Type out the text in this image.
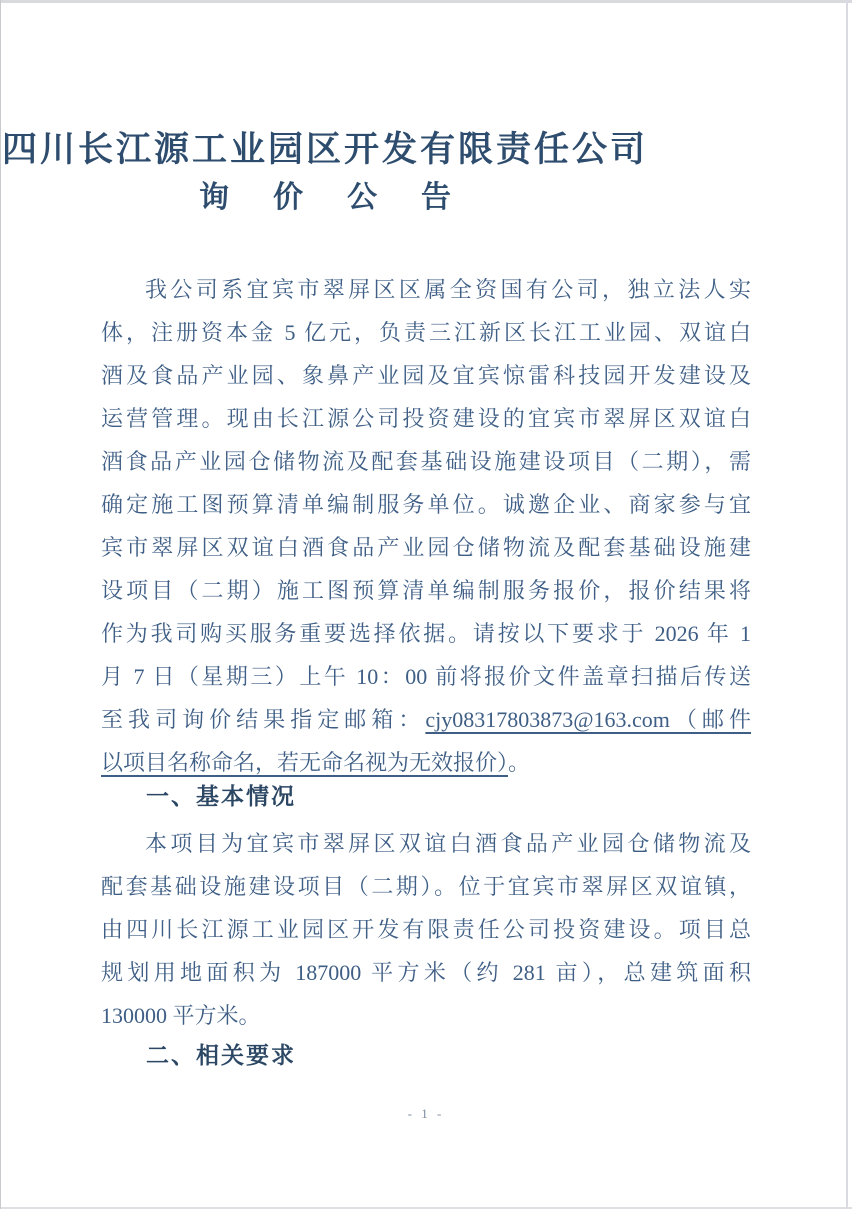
四川长江源工业园区开发有限责任公司
询价公告
我公司系宜宾市翠屏区区属全资国有公司，独立法人实
体，注册资本金 5 亿元，负责三江新区长江工业园、双谊白
酒及食品产业园、象鼻产业园及宜宾惊雷科技园开发建设及
运营管理。现由长江源公司投资建设的宜宾市翠屏区双谊白
酒食品产业园仓储物流及配套基础设施建设项目（二期），需
确定施工图预算清单编制服务单位。诚邀企业、商家参与宜
宾市翠屏区双谊白酒食品产业园仓储物流及配套基础设施建
设项目（二期）施工图预算清单编制服务报价，报价结果将
作为我司购买服务重要选择依据。请按以下要求于 2026 年 1
月 7 日（星期三）上午 10：00 前将报价文件盖章扫描后传送
至我司询价结果指定邮箱：cjy08317803873@163.com（邮件
以项目名称命名，若无命名视为无效报价）。
一、基本情况
本项目为宜宾市翠屏区双谊白酒食品产业园仓储物流及
配套基础设施建设项目（二期）。位于宜宾市翠屏区双谊镇，
由四川长江源工业园区开发有限责任公司投资建设。项目总
规划用地面积为 187000 平方米（约 281 亩），总建筑面积
130000 平方米。
二、相关要求
- 1 -
